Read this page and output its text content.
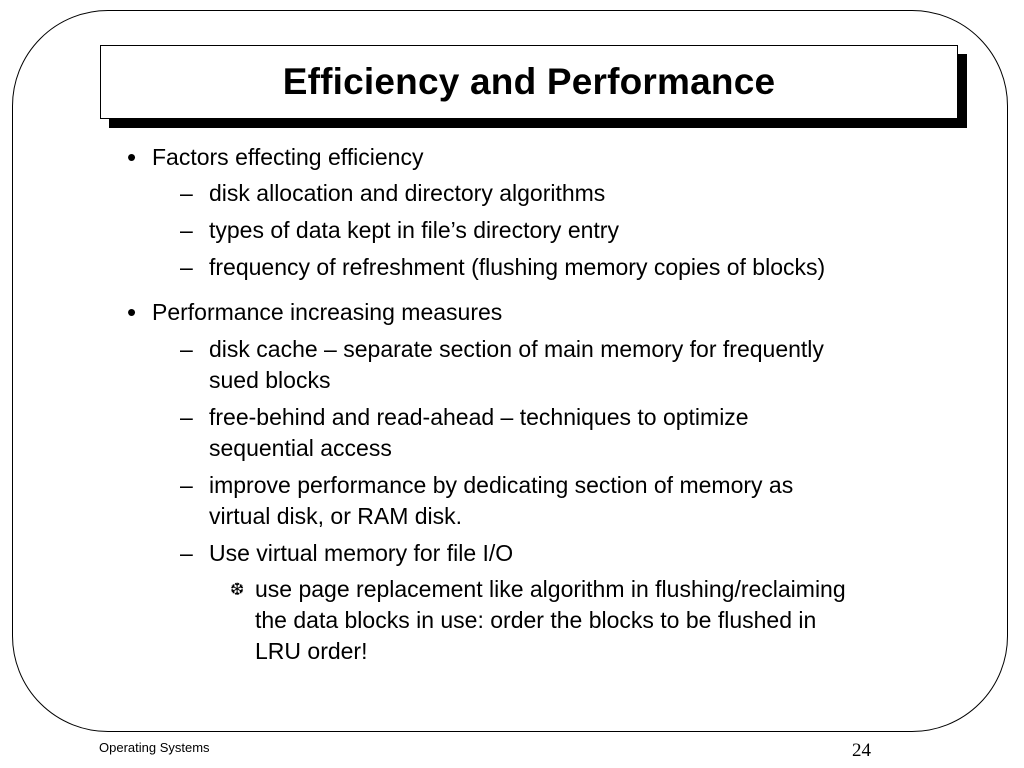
Efficiency and Performance
• Factors effecting efficiency
– disk allocation and directory algorithms
– types of data kept in file’s directory entry
– frequency of refreshment (flushing memory copies of blocks)
• Performance increasing measures
– disk cache – separate section of main memory for frequently
sued blocks
– free-behind and read-ahead – techniques to optimize
sequential access
– improve performance by dedicating section of memory as
virtual disk, or RAM disk.
– Use virtual memory for file I/O
❆ use page replacement like algorithm in flushing/reclaiming
the data blocks in use: order the blocks to be flushed in
LRU order!
Operating Systems	24
